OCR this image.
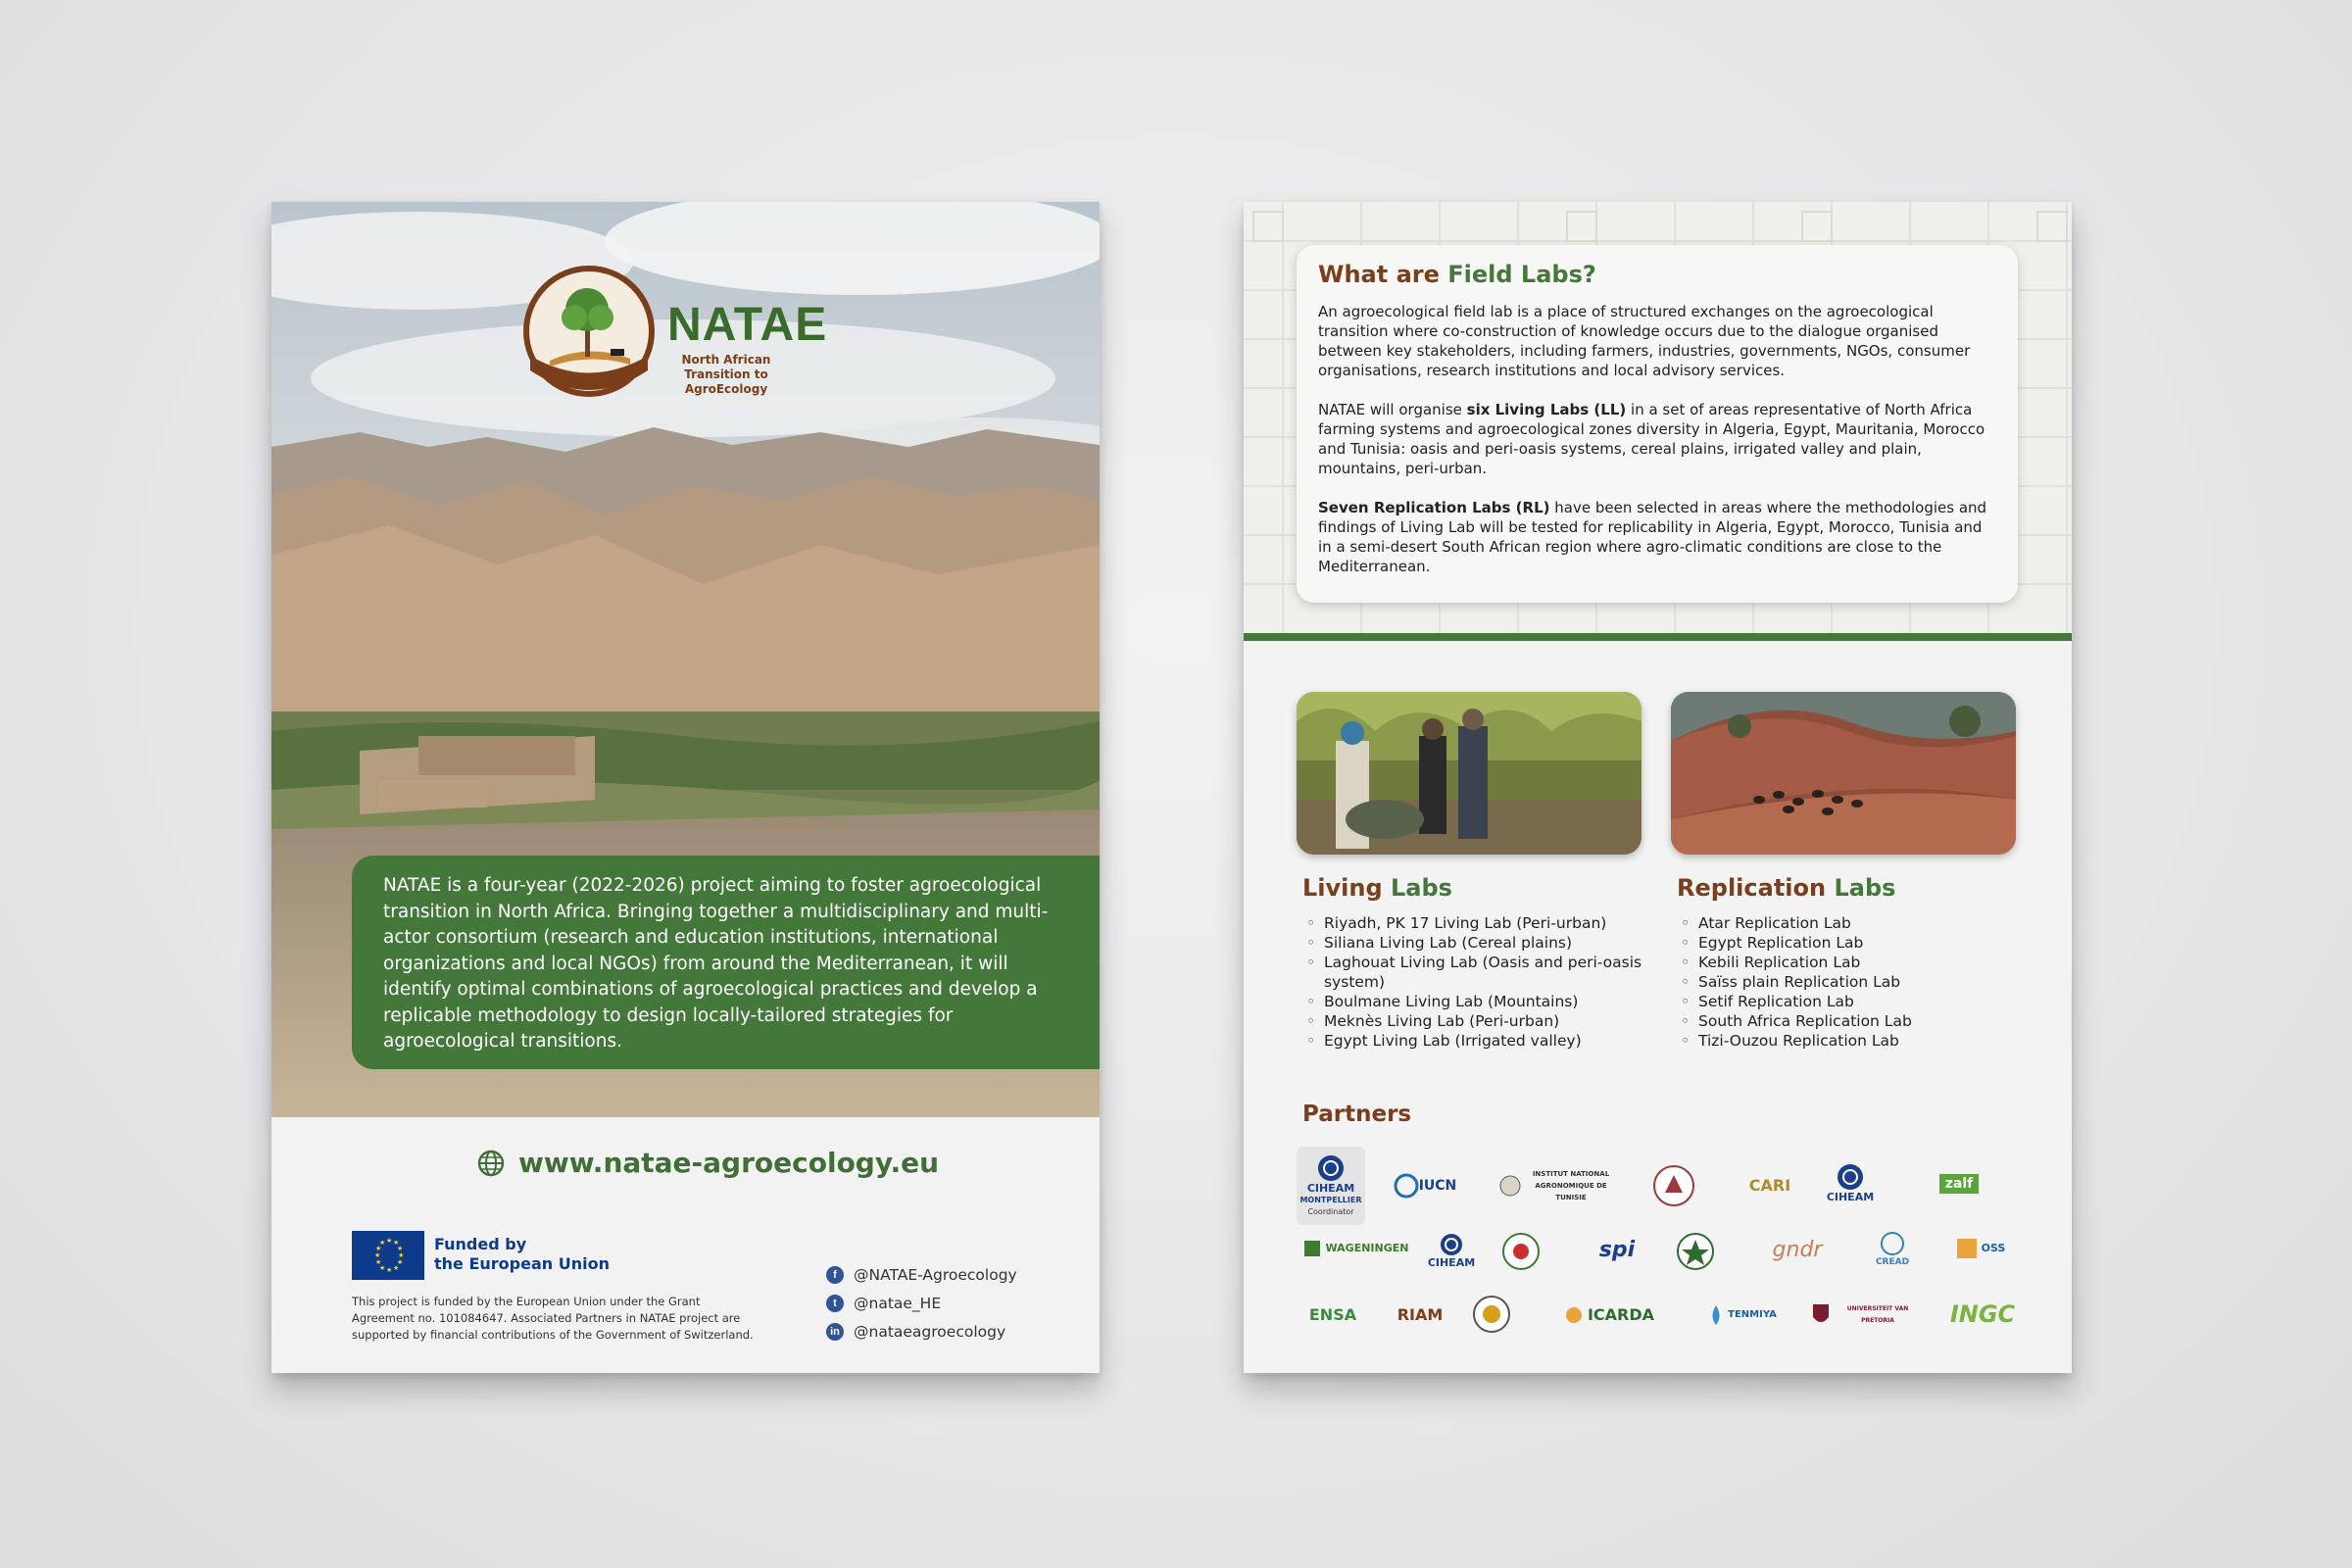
NATAE
North African Transition to AgroEcology

NATAE is a four-year (2022-2026) project aiming to foster agroecological transition in North Africa. Bringing together a multidisciplinary and multi-actor consortium (research and education institutions, international organizations and local NGOs) from around the Mediterranean, it will identify optimal combinations of agroecological practices and develop a replicable methodology to design locally-tailored strategies for agroecological transitions.

www.natae-agroecology.eu
★ ★
★
★
★
★
★
★
★
★
★
★	Funded by
the European Union
This project is funded by the European Union under the Grant Agreement no. 101084647. Associated Partners in NATAE project are supported by financial contributions of the Government of Switzerland.
f	@NATAE-Agroecology
t	@natae_HE
in @nataeagroecology
What are Field Labs?

An agroecological field lab is a place of structured exchanges on the agroecological transition where co-construction of knowledge occurs due to the dialogue organised between key stakeholders, including farmers, industries, governments, NGOs, consumer organisations, research institutions and local advisory services.

NATAE will organise six Living Labs (LL) in a set of areas representative of North Africa farming systems and agroecological zones diversity in Algeria, Egypt, Mauritania, Morocco and Tunisia: oasis and peri-oasis systems, cereal plains, irrigated valley and plain, mountains, peri-urban.

Seven Replication Labs (RL) have been selected in areas where the methodologies and findings of Living Lab will be tested for replicability in Algeria, Egypt, Morocco, Tunisia and in a semi-desert South African region where agro-climatic conditions are close to the Mediterranean.

Living Labs
◦ Riyadh, PK 17 Living Lab (Peri-urban)
◦ Siliana Living Lab (Cereal plains)
◦ Laghouat Living Lab (Oasis and peri-oasis system)
◦ Boulmane Living Lab (Mountains)
◦ Meknès Living Lab (Peri-urban)
◦ Egypt Living Lab (Irrigated valley)
Replication Labs
◦ Atar Replication Lab
◦ Egypt Replication Lab
◦ Kebili Replication Lab
◦ Saïss plain Replication Lab
◦ Setif Replication Lab
◦ South Africa Replication Lab
◦ Tizi-Ouzou Replication Lab
Partners
CIHEAM
MONTPELLIER
Coordinator
IUCN
INSTITUT NATIONAL AGRONOMIQUE DE TUNISIE
CARI
CIHEAM
zalf
WAGENINGEN
CIHEAM
spi	gndr	CREAD
OSS
ENSA	RIAM	ICARDA	TENMIYA
UNIVERSITEIT VAN PRETORIA	INGC
